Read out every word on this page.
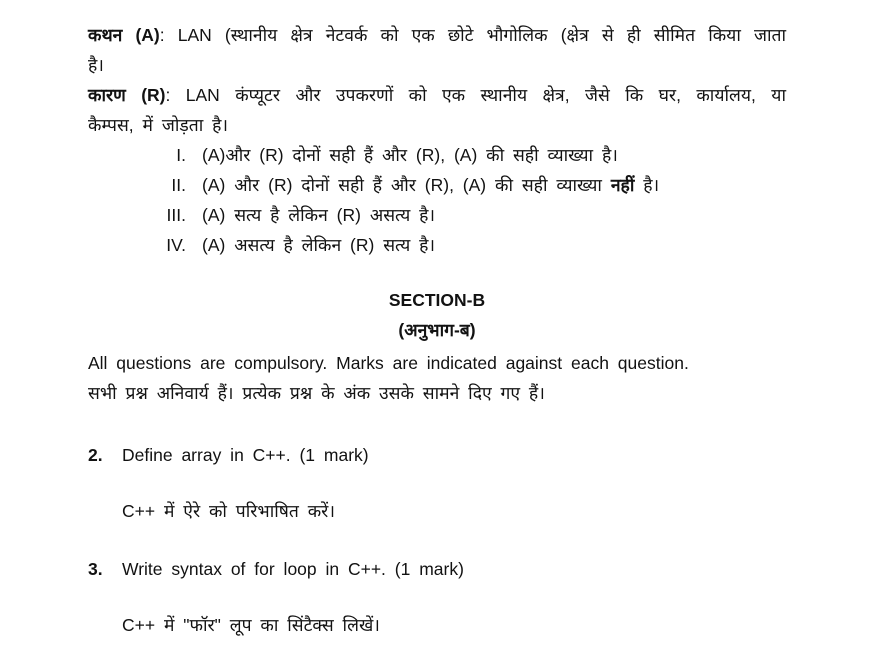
कथन (A): LAN (स्थानीय क्षेत्र नेटवर्क को एक छोटे भौगोलिक (क्षेत्र से ही सीमित किया जाता
है।
कारण (R): LAN कंप्यूटर और उपकरणों को एक स्थानीय क्षेत्र, जैसे कि घर, कार्यालय, या
कैम्पस, में जोड़ता है।
I. (A)और (R) दोनों सही हैं और (R), (A) की सही व्याख्या है।
II. (A) और (R) दोनों सही हैं और (R), (A) की सही व्याख्या नहीं है।
III. (A) सत्य है लेकिन (R) असत्य है।
IV. (A) असत्य है लेकिन (R) सत्य है।
SECTION-B
(अनुभाग-ब)
All questions are compulsory. Marks are indicated against each question.
सभी प्रश्न अनिवार्य हैं। प्रत्येक प्रश्न के अंक उसके सामने दिए गए हैं।
2.	Define array in C++. (1 mark)
C++ में ऐरे को परिभाषित करें।
3.	Write syntax of for loop in C++. (1 mark)
C++ में "फॉर" लूप का सिंटैक्स लिखें।
